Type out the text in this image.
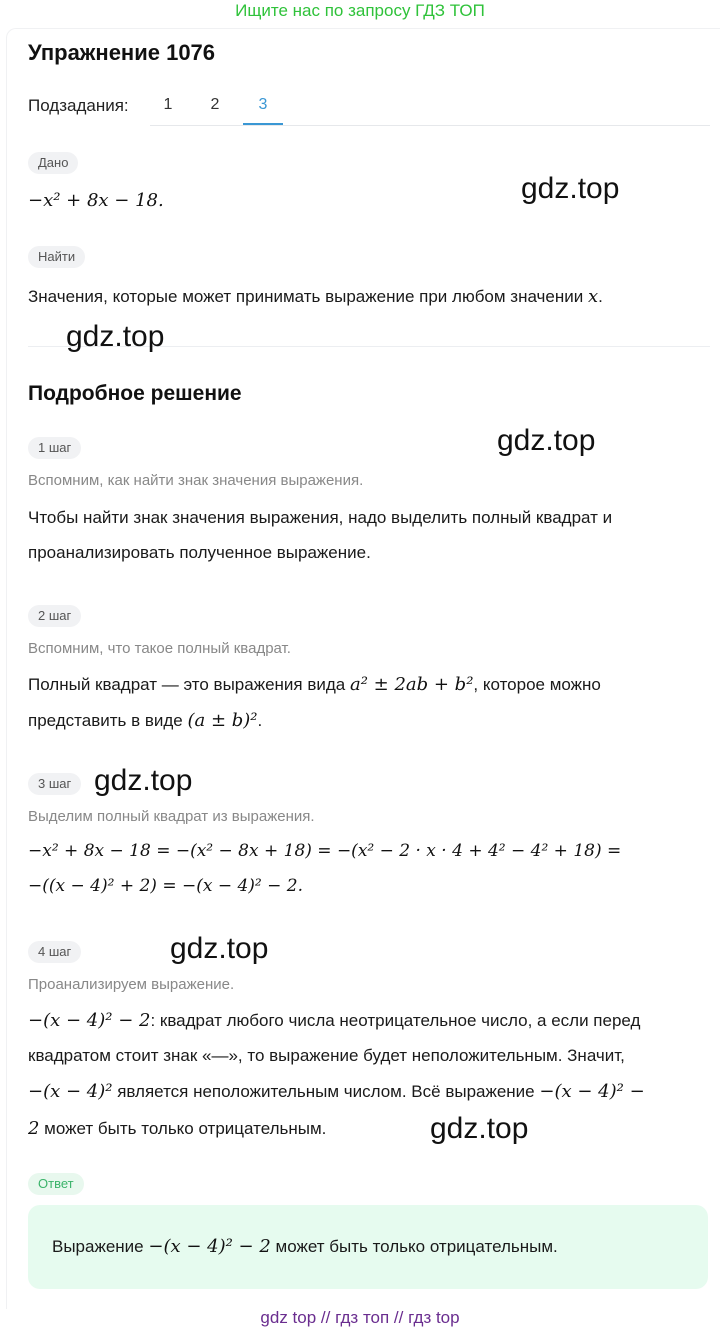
Ищите нас по запросу ГДЗ ТОП
Упражнение 1076
Подзадания:	1	2	3
Дано
−x² + 8x − 18.
Найти
Значения, которые может принимать выражение при любом значении x.
Подробное решение
1 шаг
Вспомним, как найти знак значения выражения.
Чтобы найти знак значения выражения, надо выделить полный квадрат и
проанализировать полученное выражение.
2 шаг
Вспомним, что такое полный квадрат.
Полный квадрат — это выражения вида a² ± 2ab + b², которое можно
представить в виде (a ± b)².
3 шаг
Выделим полный квадрат из выражения.
−x² + 8x − 18 = −(x² − 8x + 18) = −(x² − 2 · x · 4 + 4² − 4² + 18) =
−((x − 4)² + 2) = −(x − 4)² − 2.
4 шаг
Проанализируем выражение.
−(x − 4)² − 2: квадрат любого числа неотрицательное число, а если перед
квадратом стоит знак «—», то выражение будет неположительным. Значит,
−(x − 4)² является неположительным числом. Всё выражение −(x − 4)² −
2 может быть только отрицательным.
Ответ
Выражение −(x − 4)² − 2 может быть только отрицательным.
gdz.top
gdz.top
gdz.top
gdz.top
gdz.top
gdz.top
gdz top // гдз топ // гдз top
